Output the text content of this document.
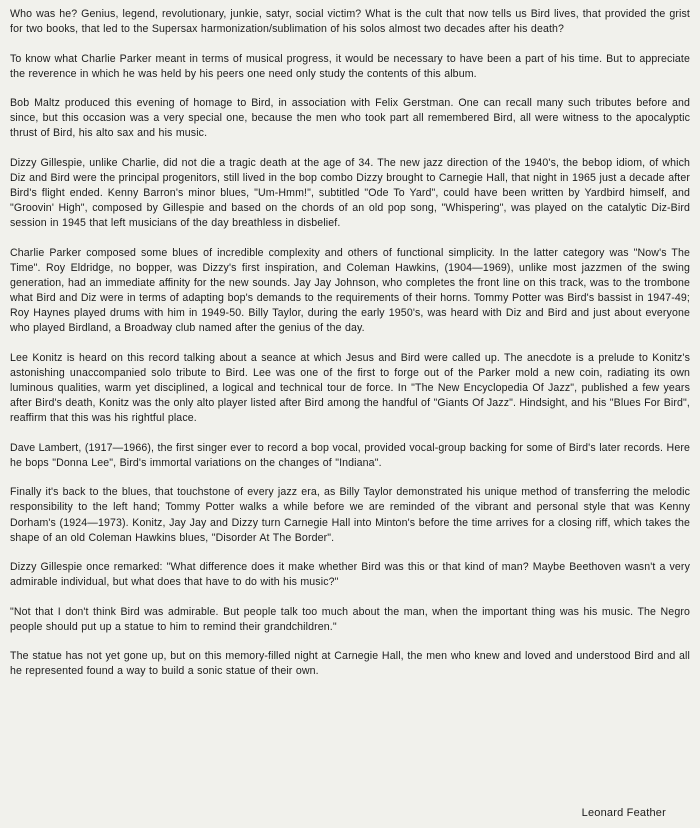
Who was he? Genius, legend, revolutionary, junkie, satyr, social victim? What is the cult that now tells us Bird lives, that provided the grist for two books, that led to the Supersax harmonization/sublimation of his solos almost two decades after his death?

To know what Charlie Parker meant in terms of musical progress, it would be necessary to have been a part of his time. But to appreciate the reverence in which he was held by his peers one need only study the contents of this album.

Bob Maltz produced this evening of homage to Bird, in association with Felix Gerstman. One can recall many such tributes before and since, but this occasion was a very special one, because the men who took part all remembered Bird, all were witness to the apocalyptic thrust of Bird, his alto sax and his music.

Dizzy Gillespie, unlike Charlie, did not die a tragic death at the age of 34. The new jazz direction of the 1940's, the bebop idiom, of which Diz and Bird were the principal progenitors, still lived in the bop combo Dizzy brought to Carnegie Hall, that night in 1965 just a decade after Bird's flight ended. Kenny Barron's minor blues, "Um-Hmm!", subtitled "Ode To Yard", could have been written by Yardbird himself, and "Groovin' High", composed by Gillespie and based on the chords of an old pop song, "Whispering", was played on the catalytic Diz-Bird session in 1945 that left musicians of the day breathless in disbelief.

Charlie Parker composed some blues of incredible complexity and others of functional simplicity. In the latter category was "Now's The Time". Roy Eldridge, no bopper, was Dizzy's first inspiration, and Coleman Hawkins, (1904—1969), unlike most jazzmen of the swing generation, had an immediate affinity for the new sounds. Jay Jay Johnson, who completes the front line on this track, was to the trombone what Bird and Diz were in terms of adapting bop's demands to the requirements of their horns. Tommy Potter was Bird's bassist in 1947-49; Roy Haynes played drums with him in 1949-50. Billy Taylor, during the early 1950's, was heard with Diz and Bird and just about everyone who played Birdland, a Broadway club named after the genius of the day.

Lee Konitz is heard on this record talking about a seance at which Jesus and Bird were called up. The anecdote is a prelude to Konitz's astonishing unaccompanied solo tribute to Bird. Lee was one of the first to forge out of the Parker mold a new coin, radiating its own luminous qualities, warm yet disciplined, a logical and technical tour de force. In "The New Encyclopedia Of Jazz", published a few years after Bird's death, Konitz was the only alto player listed after Bird among the handful of "Giants Of Jazz". Hindsight, and his "Blues For Bird", reaffirm that this was his rightful place.

Dave Lambert, (1917—1966), the first singer ever to record a bop vocal, provided vocal-group backing for some of Bird's later records. Here he bops "Donna Lee", Bird's immortal variations on the changes of "Indiana".

Finally it's back to the blues, that touchstone of every jazz era, as Billy Taylor demonstrated his unique method of transferring the melodic responsibility to the left hand; Tommy Potter walks a while before we are reminded of the vibrant and personal style that was Kenny Dorham's (1924—1973). Konitz, Jay Jay and Dizzy turn Carnegie Hall into Minton's before the time arrives for a closing riff, which takes the shape of an old Coleman Hawkins blues, "Disorder At The Border".

Dizzy Gillespie once remarked: "What difference does it make whether Bird was this or that kind of man? Maybe Beethoven wasn't a very admirable individual, but what does that have to do with his music?"

"Not that I don't think Bird was admirable. But people talk too much about the man, when the important thing was his music. The Negro people should put up a statue to him to remind their grandchildren."

The statue has not yet gone up, but on this memory-filled night at Carnegie Hall, the men who knew and loved and understood Bird and all he represented found a way to build a sonic statue of their own.

Leonard Feather
